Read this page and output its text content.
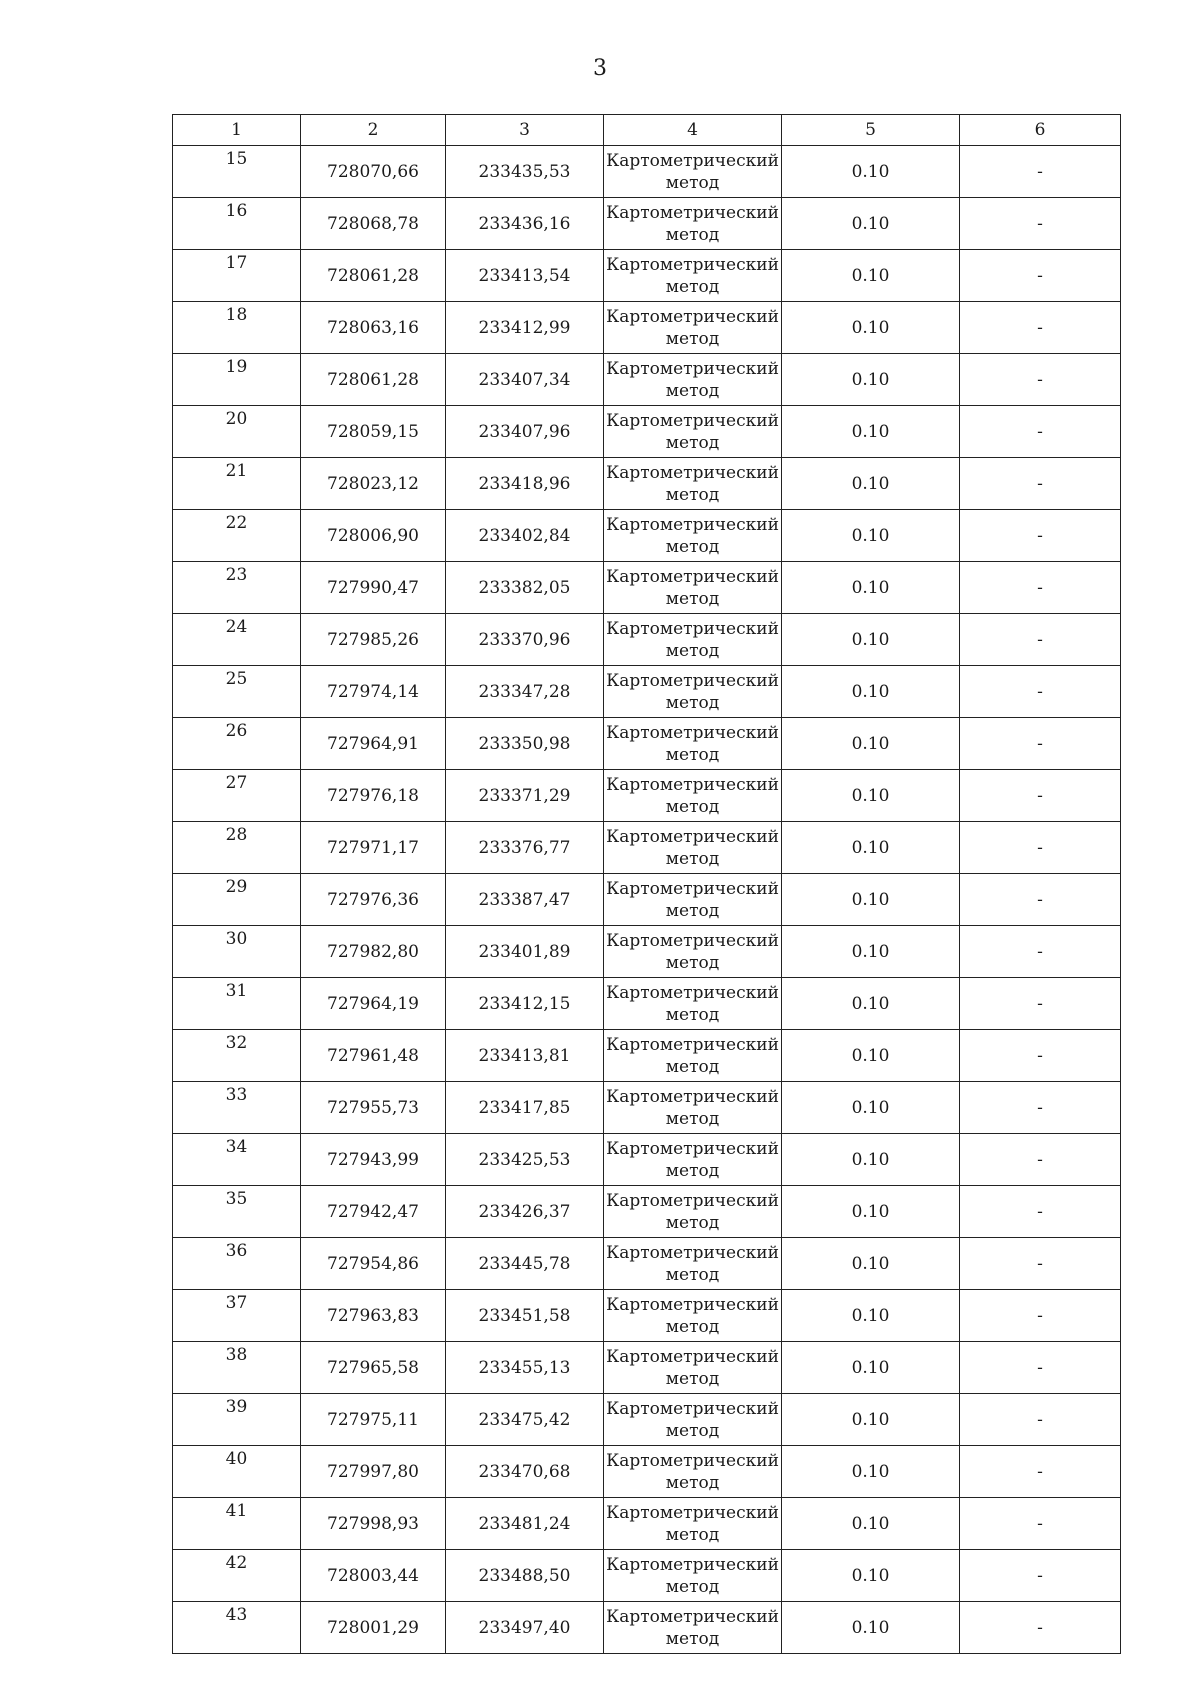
3
1	2	3	4	5	6
15	728070,66	233435,53	Картометрический метод	0.10	-
16	728068,78	233436,16	Картометрический метод	0.10	-
17	728061,28	233413,54	Картометрический метод	0.10	-
18	728063,16	233412,99	Картометрический метод	0.10	-
19	728061,28	233407,34	Картометрический метод	0.10	-
20	728059,15	233407,96	Картометрический метод	0.10	-
21	728023,12	233418,96	Картометрический метод	0.10	-
22	728006,90	233402,84	Картометрический метод	0.10	-
23	727990,47	233382,05	Картометрический метод	0.10	-
24	727985,26	233370,96	Картометрический метод	0.10	-
25	727974,14	233347,28	Картометрический метод	0.10	-
26	727964,91	233350,98	Картометрический метод	0.10	-
27	727976,18	233371,29	Картометрический метод	0.10	-
28	727971,17	233376,77	Картометрический метод	0.10	-
29	727976,36	233387,47	Картометрический метод	0.10	-
30	727982,80	233401,89	Картометрический метод	0.10	-
31	727964,19	233412,15	Картометрический метод	0.10	-
32	727961,48	233413,81	Картометрический метод	0.10	-
33	727955,73	233417,85	Картометрический метод	0.10	-
34	727943,99	233425,53	Картометрический метод	0.10	-
35	727942,47	233426,37	Картометрический метод	0.10	-
36	727954,86	233445,78	Картометрический метод	0.10	-
37	727963,83	233451,58	Картометрический метод	0.10	-
38	727965,58	233455,13	Картометрический метод	0.10	-
39	727975,11	233475,42	Картометрический метод	0.10	-
40	727997,80	233470,68	Картометрический метод	0.10	-
41	727998,93	233481,24	Картометрический метод	0.10	-
42	728003,44	233488,50	Картометрический метод	0.10	-
43	728001,29	233497,40	Картометрический метод	0.10	-
